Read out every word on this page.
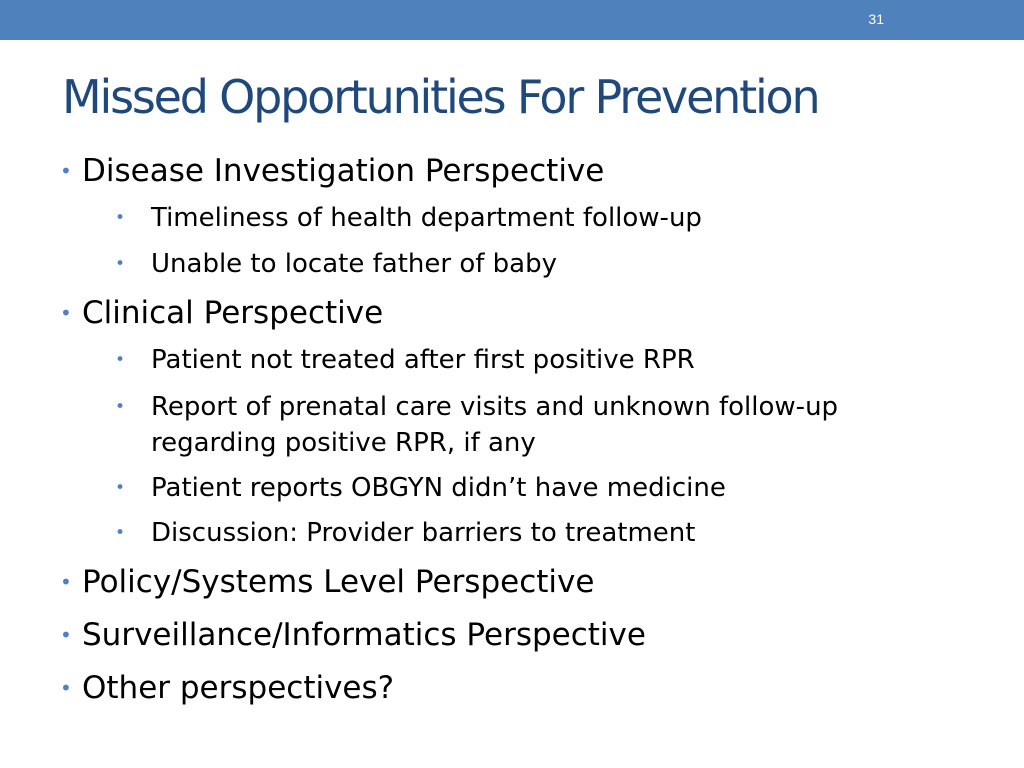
31
Missed Opportunities For Prevention
• Disease Investigation Perspective
• Timeliness of health department follow-up
• Unable to locate father of baby
• Clinical Perspective
• Patient not treated after first positive RPR
• Report of prenatal care visits and unknown follow-up regarding positive RPR, if any
• Patient reports OBGYN didn’t have medicine
• Discussion: Provider barriers to treatment
• Policy/Systems Level Perspective
• Surveillance/Informatics Perspective
• Other perspectives?
